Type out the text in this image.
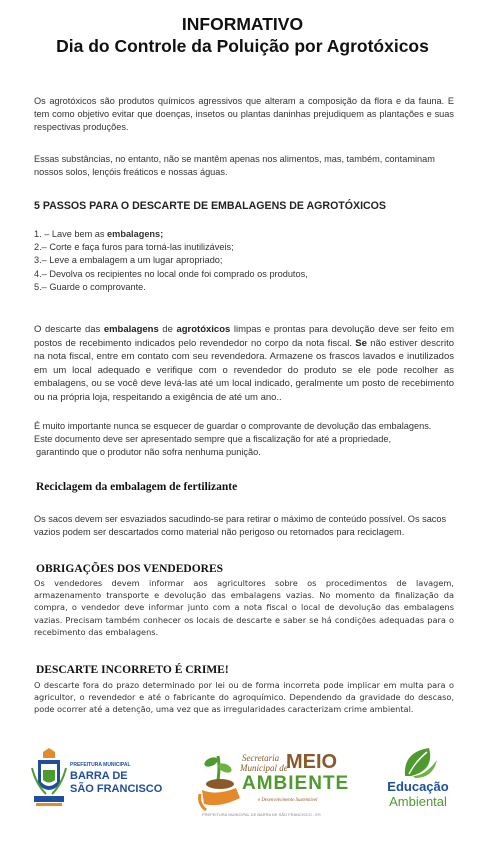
INFORMATIVO
Dia do Controle da Poluição por Agrotóxicos

Os agrotóxicos são produtos químicos agressivos que alteram a composição da flora e da fauna. E tem como objetivo evitar que doenças, insetos ou plantas daninhas prejudiquem as plantações e suas respectivas produções.

Essas substâncias, no entanto, não se mantêm apenas nos alimentos, mas, também, contaminam nossos solos, lençóis freáticos e nossas águas.

5 PASSOS PARA O DESCARTE DE EMBALAGENS DE AGROTÓXICOS
1. – Lave bem as embalagens;
2.– Corte e faça furos para torná-las inutilizáveis;
3.– Leve a embalagem a um lugar apropriado;
4.– Devolva os recipientes no local onde foi comprado os produtos,
5.– Guarde o comprovante.

O descarte das embalagens de agrotóxicos limpas e prontas para devolução deve ser feito em postos de recebimento indicados pelo revendedor no corpo da nota fiscal. Se não estiver descrito na nota fiscal, entre em contato com seu revendedora. Armazene os frascos lavados e inutilizados em um local adequado e verifique com o revendedor do produto se ele pode recolher as embalagens, ou se você deve levá-las até um local indicado, geralmente um posto de recebimento ou na própria loja, respeitando a exigência de até um ano..

É muito importante nunca se esquecer de guardar o comprovante de devolução das embalagens.
Este documento deve ser apresentado sempre que a fiscalização for até a propriedade,
garantindo que o produtor não sofra nenhuma punição.
Reciclagem da embalagem de fertilizante

Os sacos devem ser esvaziados sacudindo-se para retirar o máximo de conteúdo possível. Os sacos vazios podem ser descartados como material não perigoso ou retornados para reciclagem.

OBRIGAÇÕES DOS VENDEDORES

Os vendedores devem informar aos agricultores sobre os procedimentos de lavagem, armazenamento transporte e devolução das embalagens vazias. No momento da finalização da compra, o vendedor deve informar junto com a nota fiscal o local de devolução das embalagens vazias. Precisam também conhecer os locais de descarte e saber se há condições adequadas para o recebimento das embalagens.

DESCARTE INCORRETO É CRIME!

O descarte fora do prazo determinado por lei ou de forma incorreta pode implicar em multa para o agricultor, o revendedor e até o fabricante do agroquímico. Dependendo da gravidade do descaso, pode ocorrer até a detenção, uma vez que as irregularidades caracterizam crime ambiental.

PREFEITURA MUNICIPAL
BARRA DE
SÃO FRANCISCO
Secretaria
Municipal de
MEIO
AMBIENTE
e Desenvolvimento Sustentável
PREFEITURA MUNICIPAL DE BARRA DE SÃO FRANCISCO - ES
Educação
Ambiental
